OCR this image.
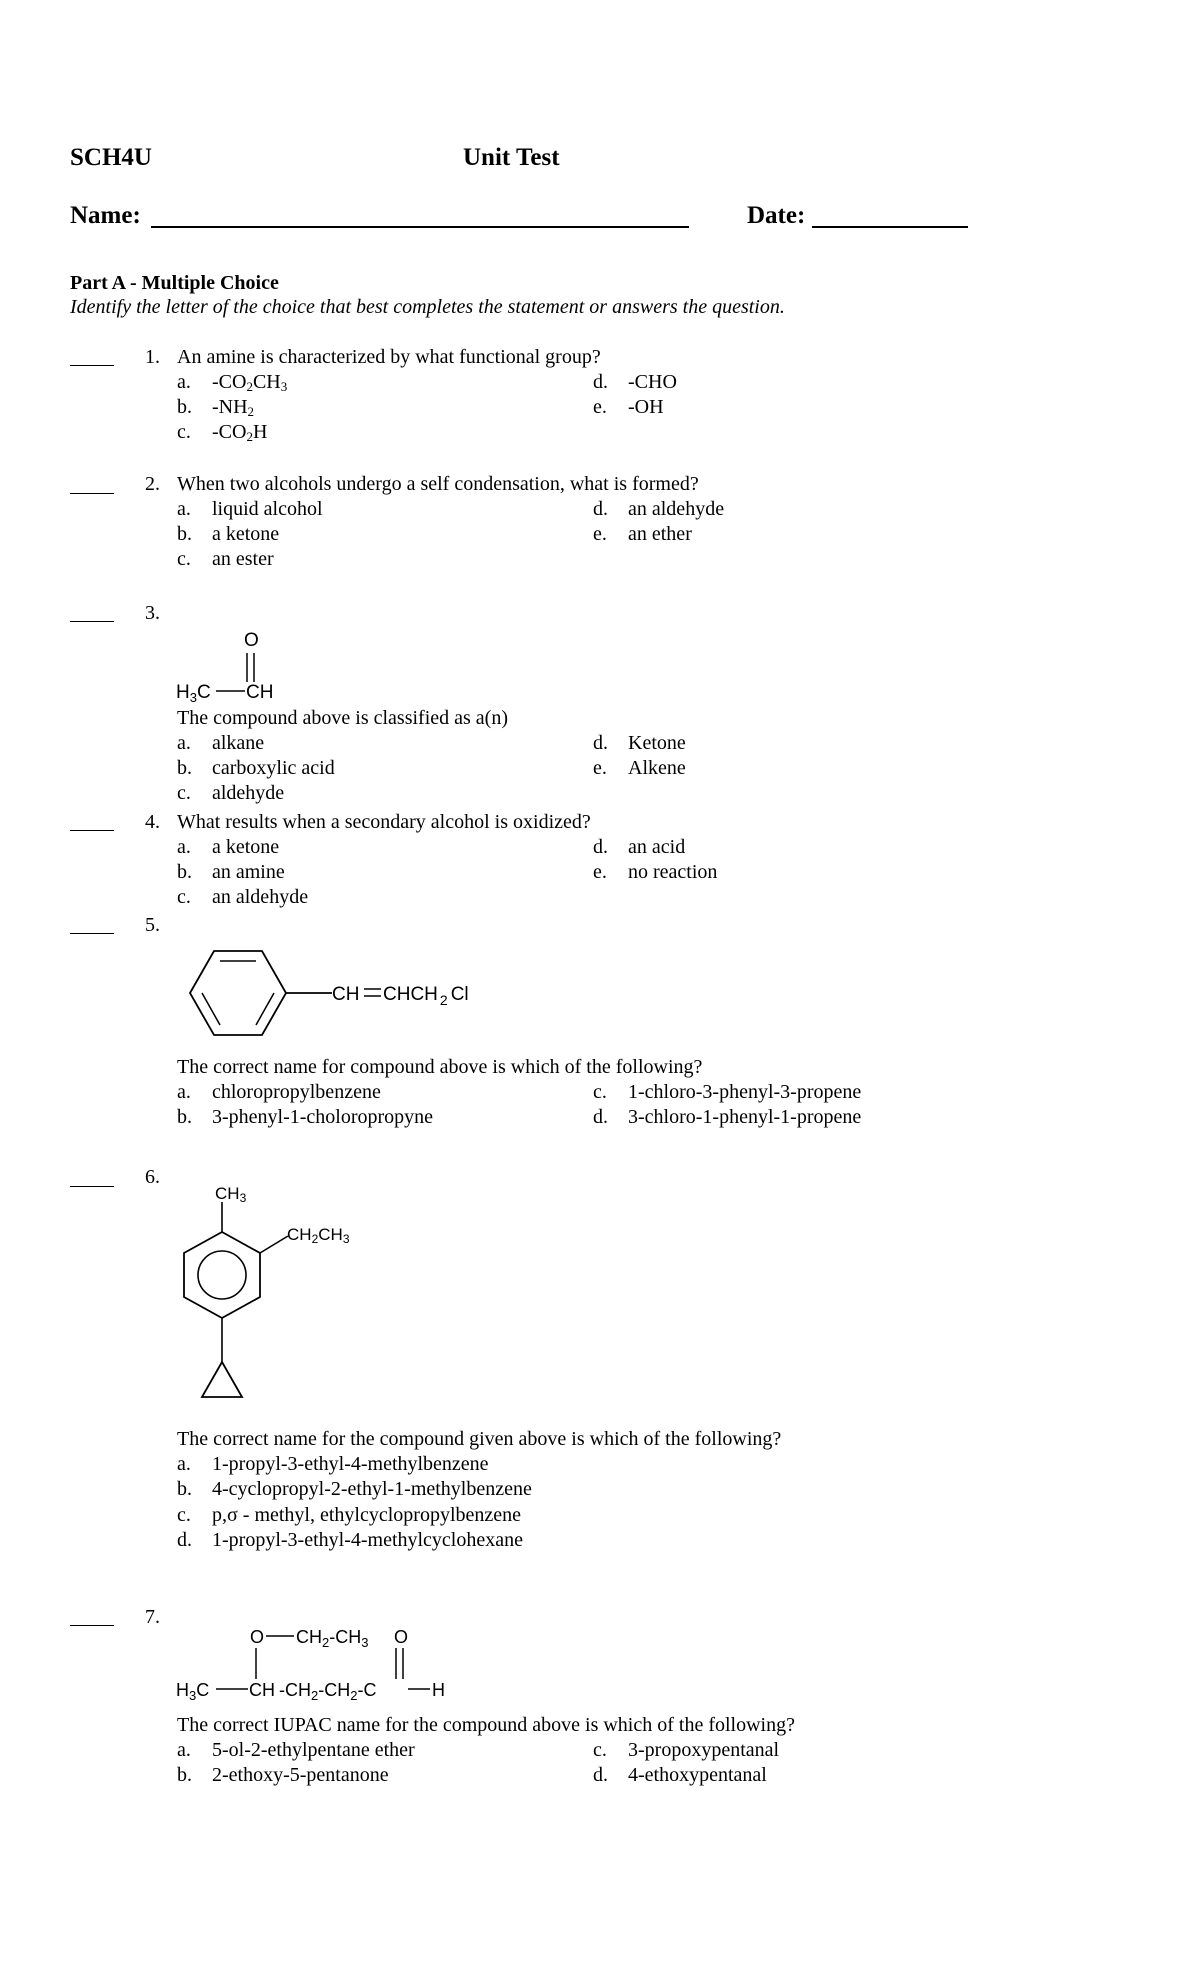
SCH4U	Unit Test
Name:	Date:
Part A - Multiple Choice
Identify the letter of the choice that best completes the statement or answers the question.
1. An amine is characterized by what functional group?
a. $-CO_2CH_3$
b. $-NH_2$
c. $-CO_2H$
d. -CHO
e. -OH
2. When two alcohols undergo a self condensation, what is formed?
a. liquid alcohol
b. a ketone
c. an ester
d. an aldehyde
e. an ether
3.
O
$H_3C$ CH
The compound above is classified as a(n)
a. alkane
b. carboxylic acid
c. aldehyde
d. Ketone
e. Alkene
4. What results when a secondary alcohol is oxidized?
a. a ketone
b. an amine
c. an aldehyde
d. an acid
e. no reaction
5.
CH CHCH $_2$ Cl
The correct name for compound above is which of the following?
a. chloropropylbenzene
b. 3-phenyl-1-choloropropyne
c. 1-chloro-3-phenyl-3-propene
d. 3-chloro-1-phenyl-1-propene
6.
CH3
CH2CH3
The correct name for the compound given above is which of the following?
a. 1-propyl-3-ethyl-4-methylbenzene
b. 4-cyclopropyl-2-ethyl-1-methylbenzene
c. p,σ - methyl, ethylcyclopropylbenzene
d. 1-propyl-3-ethyl-4-methylcyclohexane
7.
O $CH_2-CH_3$ O
$H_3C$ CH $-CH_2-CH_2-C$	H
The correct IUPAC name for the compound above is which of the following?
a. 5-ol-2-ethylpentane ether
b. 2-ethoxy-5-pentanone
c. 3-propoxypentanal
d. 4-ethoxypentanal
